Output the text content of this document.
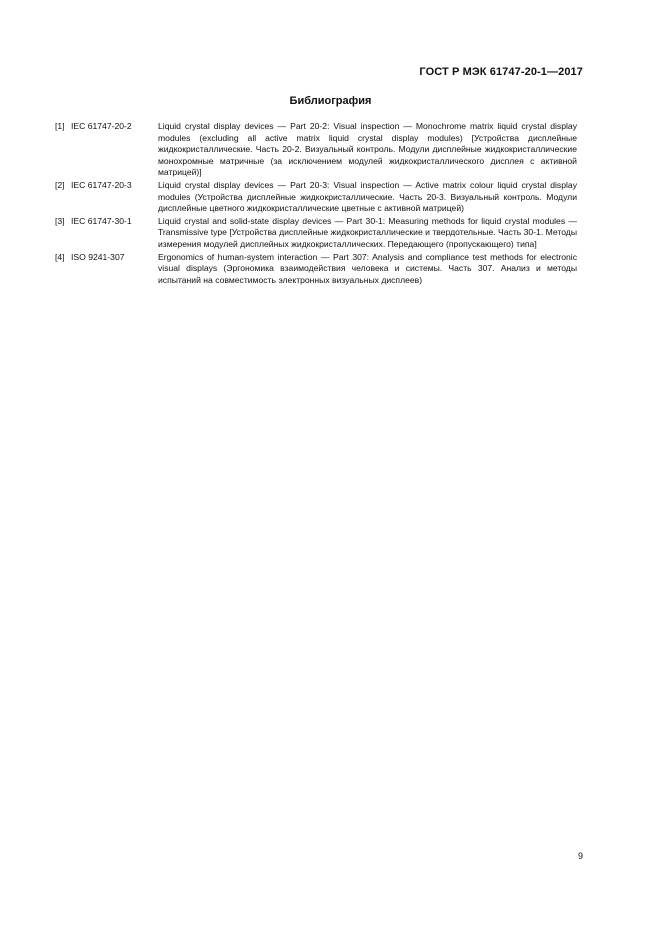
ГОСТ Р МЭК 61747-20-1—2017
Библиография
[1] IEC 61747-20-2	Liquid crystal display devices — Part 20-2: Visual inspection — Monochrome matrix liquid crystal display modules (excluding all active matrix liquid crystal display modules) [Устройства дисплейные жидкокристаллические. Часть 20-2. Визуальный контроль. Модули дисплейные жидкокристаллические монохромные матричные (за исключением модулей жидкокристаллического дисплея с активной матрицей)]
[2] IEC 61747-20-3	Liquid crystal display devices — Part 20-3: Visual inspection — Active matrix colour liquid crystal display modules (Устройства дисплейные жидкокристаллические. Часть 20-3. Визуальный контроль. Модули дисплейные цветного жидкокристаллические цветные с активной матрицей)
[3] IEC 61747-30-1	Liquid crystal and solid-state display devices — Part 30-1: Measuring methods for liquid crystal modules — Transmissive type [Устройства дисплейные жидкокристаллические и твердотельные. Часть 30-1. Методы измерения модулей дисплейных жидкокристаллических. Передающего (пропускающего) типа]
[4] ISO 9241-307	Ergonomics of human-system interaction — Part 307: Analysis and compliance test methods for electronic visual displays (Эргономика взаимодействия человека и системы. Часть 307. Анализ и методы испытаний на совместимость электронных визуальных дисплеев)
9
